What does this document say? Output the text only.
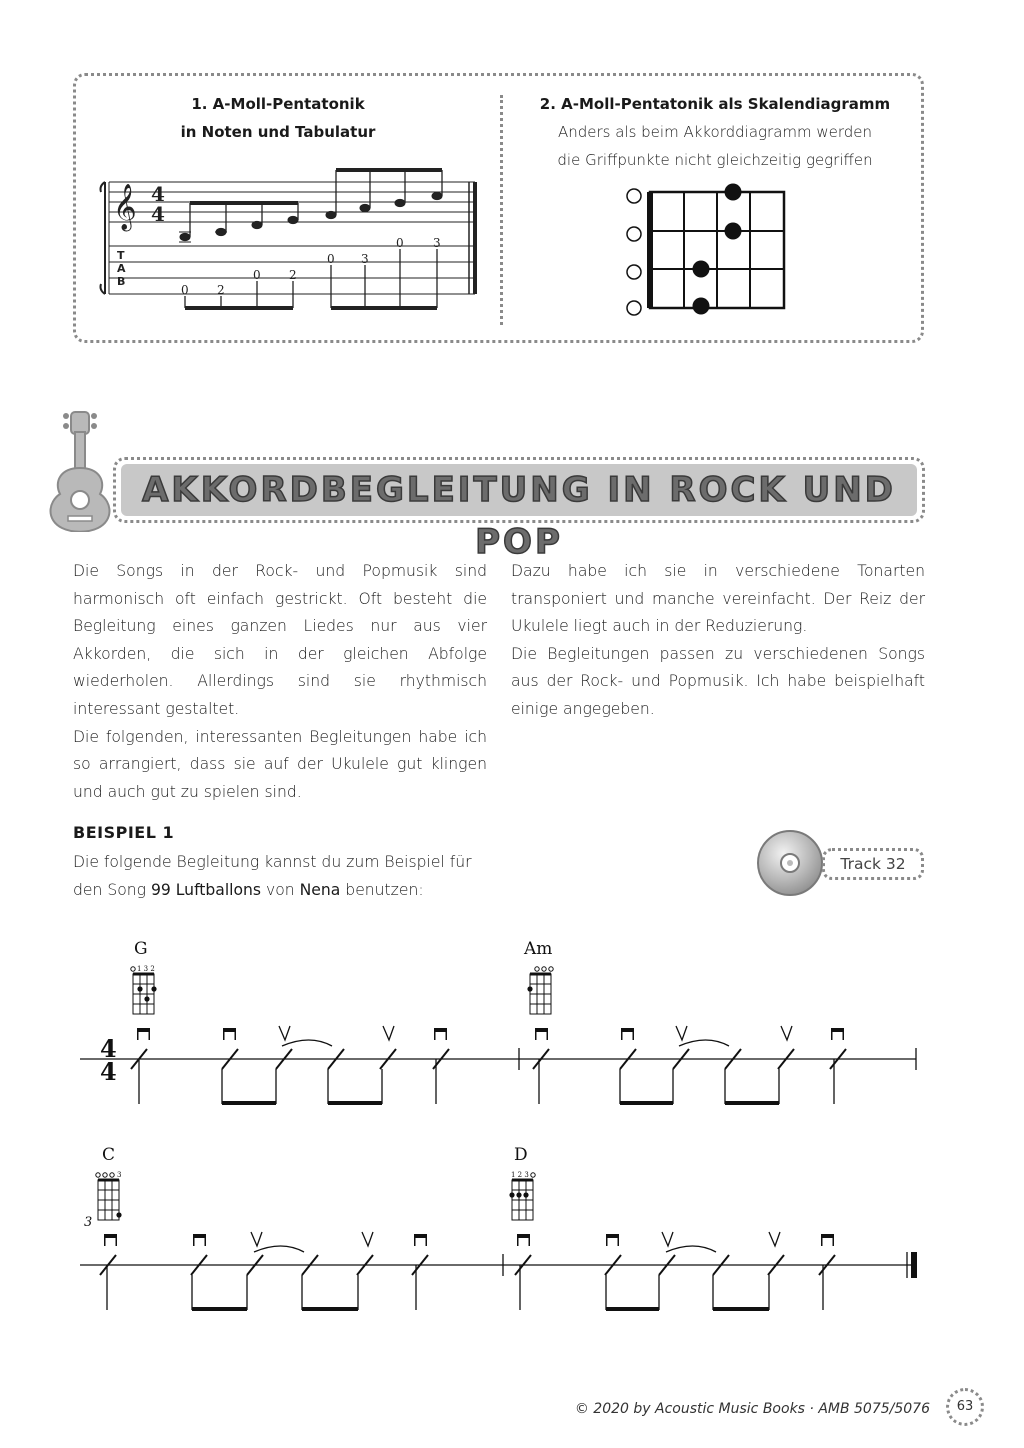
1. A-Moll-Pentatonik
in Noten und Tabulatur
2. A-Moll-Pentatonik als Skalendiagramm
Anders als beim Akkorddiagramm werden
die Griffpunkte nicht gleichzeitig gegriffen
𝄞 4
4
T
A
B
0 2
0 2
0 3
0 3
AKKORDBEGLEITUNG IN ROCK UND POP

Die Songs in der Rock- und Popmusik sind harmonisch oft einfach gestrickt. Oft besteht die Begleitung eines ganzen Liedes nur aus vier Akkorden, die sich in der gleichen Abfolge wiederholen. Allerdings sind sie rhythmisch interessant gestaltet.

Die folgenden, interessanten Begleitungen habe ich so arrangiert, dass sie auf der Ukulele gut klingen und auch gut zu spielen sind.

Dazu habe ich sie in verschiedene Tonarten transponiert und manche vereinfacht. Der Reiz der Ukulele liegt auch in der Reduzierung.

Die Begleitungen passen zu verschiedenen Songs aus der Rock- und Popmusik. Ich habe beispielhaft einige angegeben.

BEISPIEL 1
Die folgende Begleitung kannst du zum Beispiel für
den Song 99 Luftballons von Nena benutzen:
Track 32
G	Am
C	D
1 3 2
3	1 2 3
4
4
3
© 2020 by Acoustic Music Books · AMB 5075/5076	63
